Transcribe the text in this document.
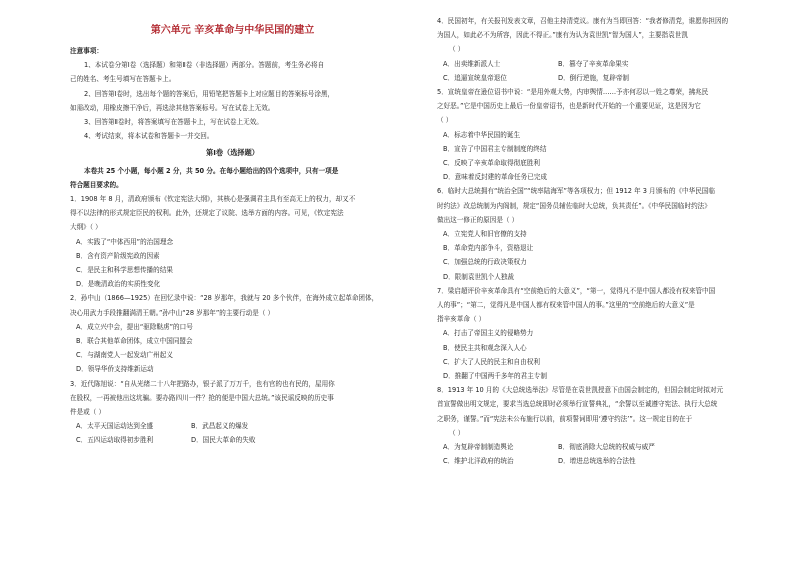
第六单元 辛亥革命与中华民国的建立
注意事项：
1、本试卷分第Ⅰ卷（选择题）和第Ⅱ卷（非选择题）两部分。答题前，考生务必将自
己的姓名、考生号填写在答题卡上。
2、回答第Ⅰ卷时，选出每个题的答案后，用铅笔把答题卡上对应题目的答案标号涂黑，
如需改动，用橡皮擦干净后，再选涂其他答案标号。写在试卷上无效。
3、回答第Ⅱ卷时，将答案填写在答题卡上，写在试卷上无效。
4、考试结束，将本试卷和答题卡一并交回。
第Ⅰ卷（选择题）
本卷共 25 个小题，每小题 2 分，共 50 分。在每小题给出的四个选项中，只有一项是
符合题目要求的。
1．1908 年 8 月，清政府颁布《钦定宪法大纲》，其核心是强调君主具有至高无上的权力，却又不
得不以法律的形式规定臣民的权利。此外，还规定了议院、选举方面的内容。可见，《钦定宪法
大纲》（ ）
A．实践了“中体西用”的治国理念
B．含有资产阶级宪政的因素
C．是民主和科学思想传播的结果
D．是晚清政治的实质性变化
2．孙中山（1866—1925）在回忆录中说：“28 岁那年，我就与 20 多个伙伴，在海外成立起革命团体，
决心用武力手段推翻满清王朝。”孙中山“28 岁那年”的主要行动是（ ）
A．成立兴中会，提出“驱除鞑虏”的口号
B．联合其他革命团体，成立中国同盟会
C．与湖南党人一起发动广州起义
D．领导华侨支持维新运动
3．近代陈旭说：“自从光绪二十八年把路办，银子派了万万千，也有官的也有民的，屋用你
在股权，一再被他出这坑骗。要办路四川一件？抢的便是中国大总统。”该民谣反映的历史事
件是或（ ）
A．太平天国运动达到全盛	B．武昌起义的爆发
C．五四运动取得初步胜利	D．国民大革命的失败
4．民国初年，有关报刊发表文章，召他主持清党议。康有为当即回答：“我者修清党，谁愿你担因的
为国人，如此必不为所容，因此不得正。”康有为认为袁世凯“智为国人”，主要指袁世凯
（ ）
A．出卖维新派人士	B．篡夺了辛亥革命果实
C．追逼宣统皇帝退位	D．倒行逆施，复辟帝制
5．宣统皇帝在逊位诏书中说：“是用外观大势，内审舆情……予亦何忍以一姓之尊荣，拂兆民
之好恶。”它是中国历史上最后一份皇帝诏书，也是新时代开始的一个重要见证，这是因为它
（ ）
A．标志着中华民国的诞生
B．宣告了中国君主专制制度的终结
C．反映了辛亥革命取得彻底胜利
D．意味着反封建的革命任务已完成
6．临时大总统拥有“统治全国”“统率陆海军”等各项权力；但 1912 年 3 月颁布的《中华民国临
时约法》改总统制为内阁制，规定“国务员辅佐临时大总统，负其责任”。《中华民国临时约法》
做出这一修正的原因是（ ）
A．立宪党人和旧官僚的支持
B．革命党内部争斗，资格退让
C．加强总统的行政决策权力
D．限制袁世凯个人独裁
7．梁启超评价辛亥革命具有“空前绝后的大意义”，“第一，觉得凡不是中国人都没有权来管中国
人的事”；“第二，觉得凡是中国人都有权来管中国人的事。”这里的“空前绝后的大意义”是
指辛亥革命（ ）
A．打击了帝国主义的侵略势力
B．使民主共和观念深入人心
C．扩大了人民的民主和自由权利
D．推翻了中国两千多年的君主专制
8．1913 年 10 月的《大总统选举法》尽管是在袁世凯授意下由国会制定的，但国会制定时拟对元
首宣誓做出明文规定，要求当选总统即时必须举行宣誓典礼，“余誓以至诚遵守宪法、执行大总统
之职务，谨誓。”而“宪法未公布施行以前，前项誓词即用‘遵守约法’”。这一规定目的在于
（ ）
A．为复辟帝制制造舆论	B．彻底消除大总统的权威与威严
C．维护北洋政府的统治	D．增进总统选举的合法性
